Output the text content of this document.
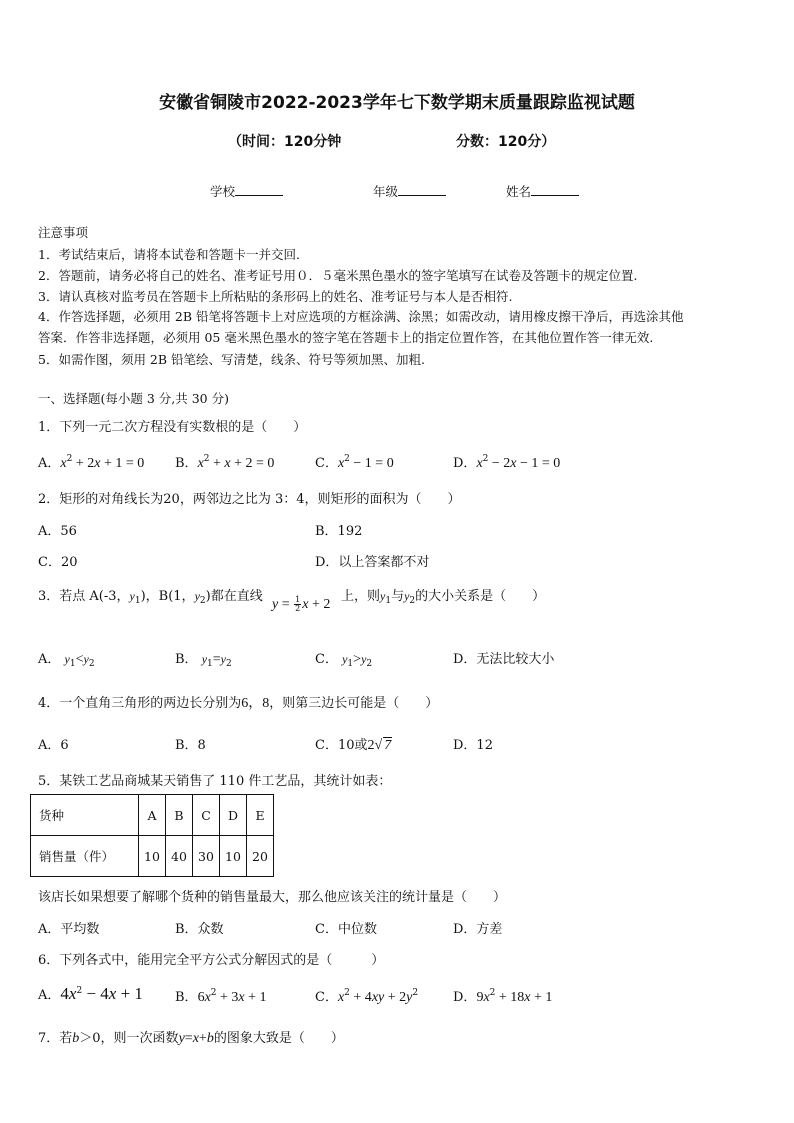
安徽省铜陵市2022-2023学年七下数学期末质量跟踪监视试题
（时间：120分钟	分数：120分）
学校	年级	姓名
注意事项
1．考试结束后，请将本试卷和答题卡一并交回.
2．答题前，请务必将自己的姓名、准考证号用０．５毫米黑色墨水的签字笔填写在试卷及答题卡的规定位置.
3．请认真核对监考员在答题卡上所粘贴的条形码上的姓名、准考证号与本人是否相符.
4．作答选择题，必须用 2B 铅笔将答题卡上对应选项的方框涂满、涂黑；如需改动，请用橡皮擦干净后，再选涂其他
答案．作答非选择题，必须用 05 毫米黑色墨水的签字笔在答题卡上的指定位置作答，在其他位置作答一律无效.
5．如需作图，须用 2B 铅笔绘、写清楚，线条、符号等须加黑、加粗.
一、选择题(每小题 3 分,共 30 分)
1．下列一元二次方程没有实数根的是（　　）
A．$x^2 + 2x + 1 = 0$ B．$x^2 + x + 2 = 0$	C．$x^2 - 1 = 0$	D．$x^2 - 2x - 1 = 0$
2．矩形的对角线长为20，两邻边之比为 3：4，则矩形的面积为（　　）
A．56	B．192
C．20	D．以上答案都不对
3．若点 A(-3，$y_1$)，B(1，$y_2$)都在直线
$y = \frac{1}{2}$ x + 2
上，则$y_1$与$y_2$的大小关系是（　　）
A． $y_1<y_2$	B． $y_1=y_2$	C． $y_1>y_2$	D．无法比较大小
4．一个直角三角形的两边长分别为6，8，则第三边长可能是（　　）
A．6	B．8	C．10或2√ 7	D．12
5．某铁工艺品商城某天销售了 110 件工艺品，其统计如表：
货种	A	B	C	D	E
销售量（件）	10	40	30	10	20
该店长如果想要了解哪个货种的销售量最大，那么他应该关注的统计量是（　　）
A．平均数	B．众数	C．中位数	D．方差
6．下列各式中，能用完全平方公式分解因式的是（　　　）
A．$4x^2 - 4x + 1$ B．$6x^2 + 3x + 1$	C．$x^2 + 4xy + 2y^2$	D．$9x^2 + 18x + 1$
7．若b＞0，则一次函数y=x+b的图象大致是（　　）
